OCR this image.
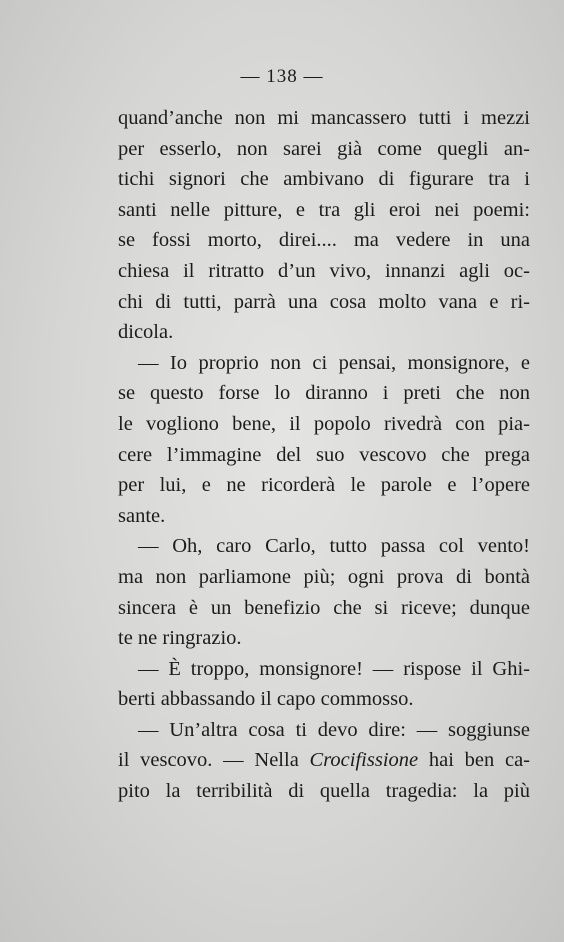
— 138 —
quand’anche non mi mancassero tutti i mezzi
per esserlo, non sarei già come quegli an-
tichi signori che ambivano di figurare tra i
santi nelle pitture, e tra gli eroi nei poemi:
se fossi morto, direi.... ma vedere in una
chiesa il ritratto d’un vivo, innanzi agli oc-
chi di tutti, parrà una cosa molto vana e ri-
dicola.
— Io proprio non ci pensai, monsignore, e
se questo forse lo diranno i preti che non
le vogliono bene, il popolo rivedrà con pia-
cere l’immagine del suo vescovo che prega
per lui, e ne ricorderà le parole e l’opere
sante.
— Oh, caro Carlo, tutto passa col vento!
ma non parliamone più; ogni prova di bontà
sincera è un benefizio che si riceve; dunque
te ne ringrazio.
— È troppo, monsignore! — rispose il Ghi-
berti abbassando il capo commosso.
— Un’altra cosa ti devo dire: — soggiunse
il vescovo. — Nella Crocifissione hai ben ca-
pito la terribilità di quella tragedia: la più
